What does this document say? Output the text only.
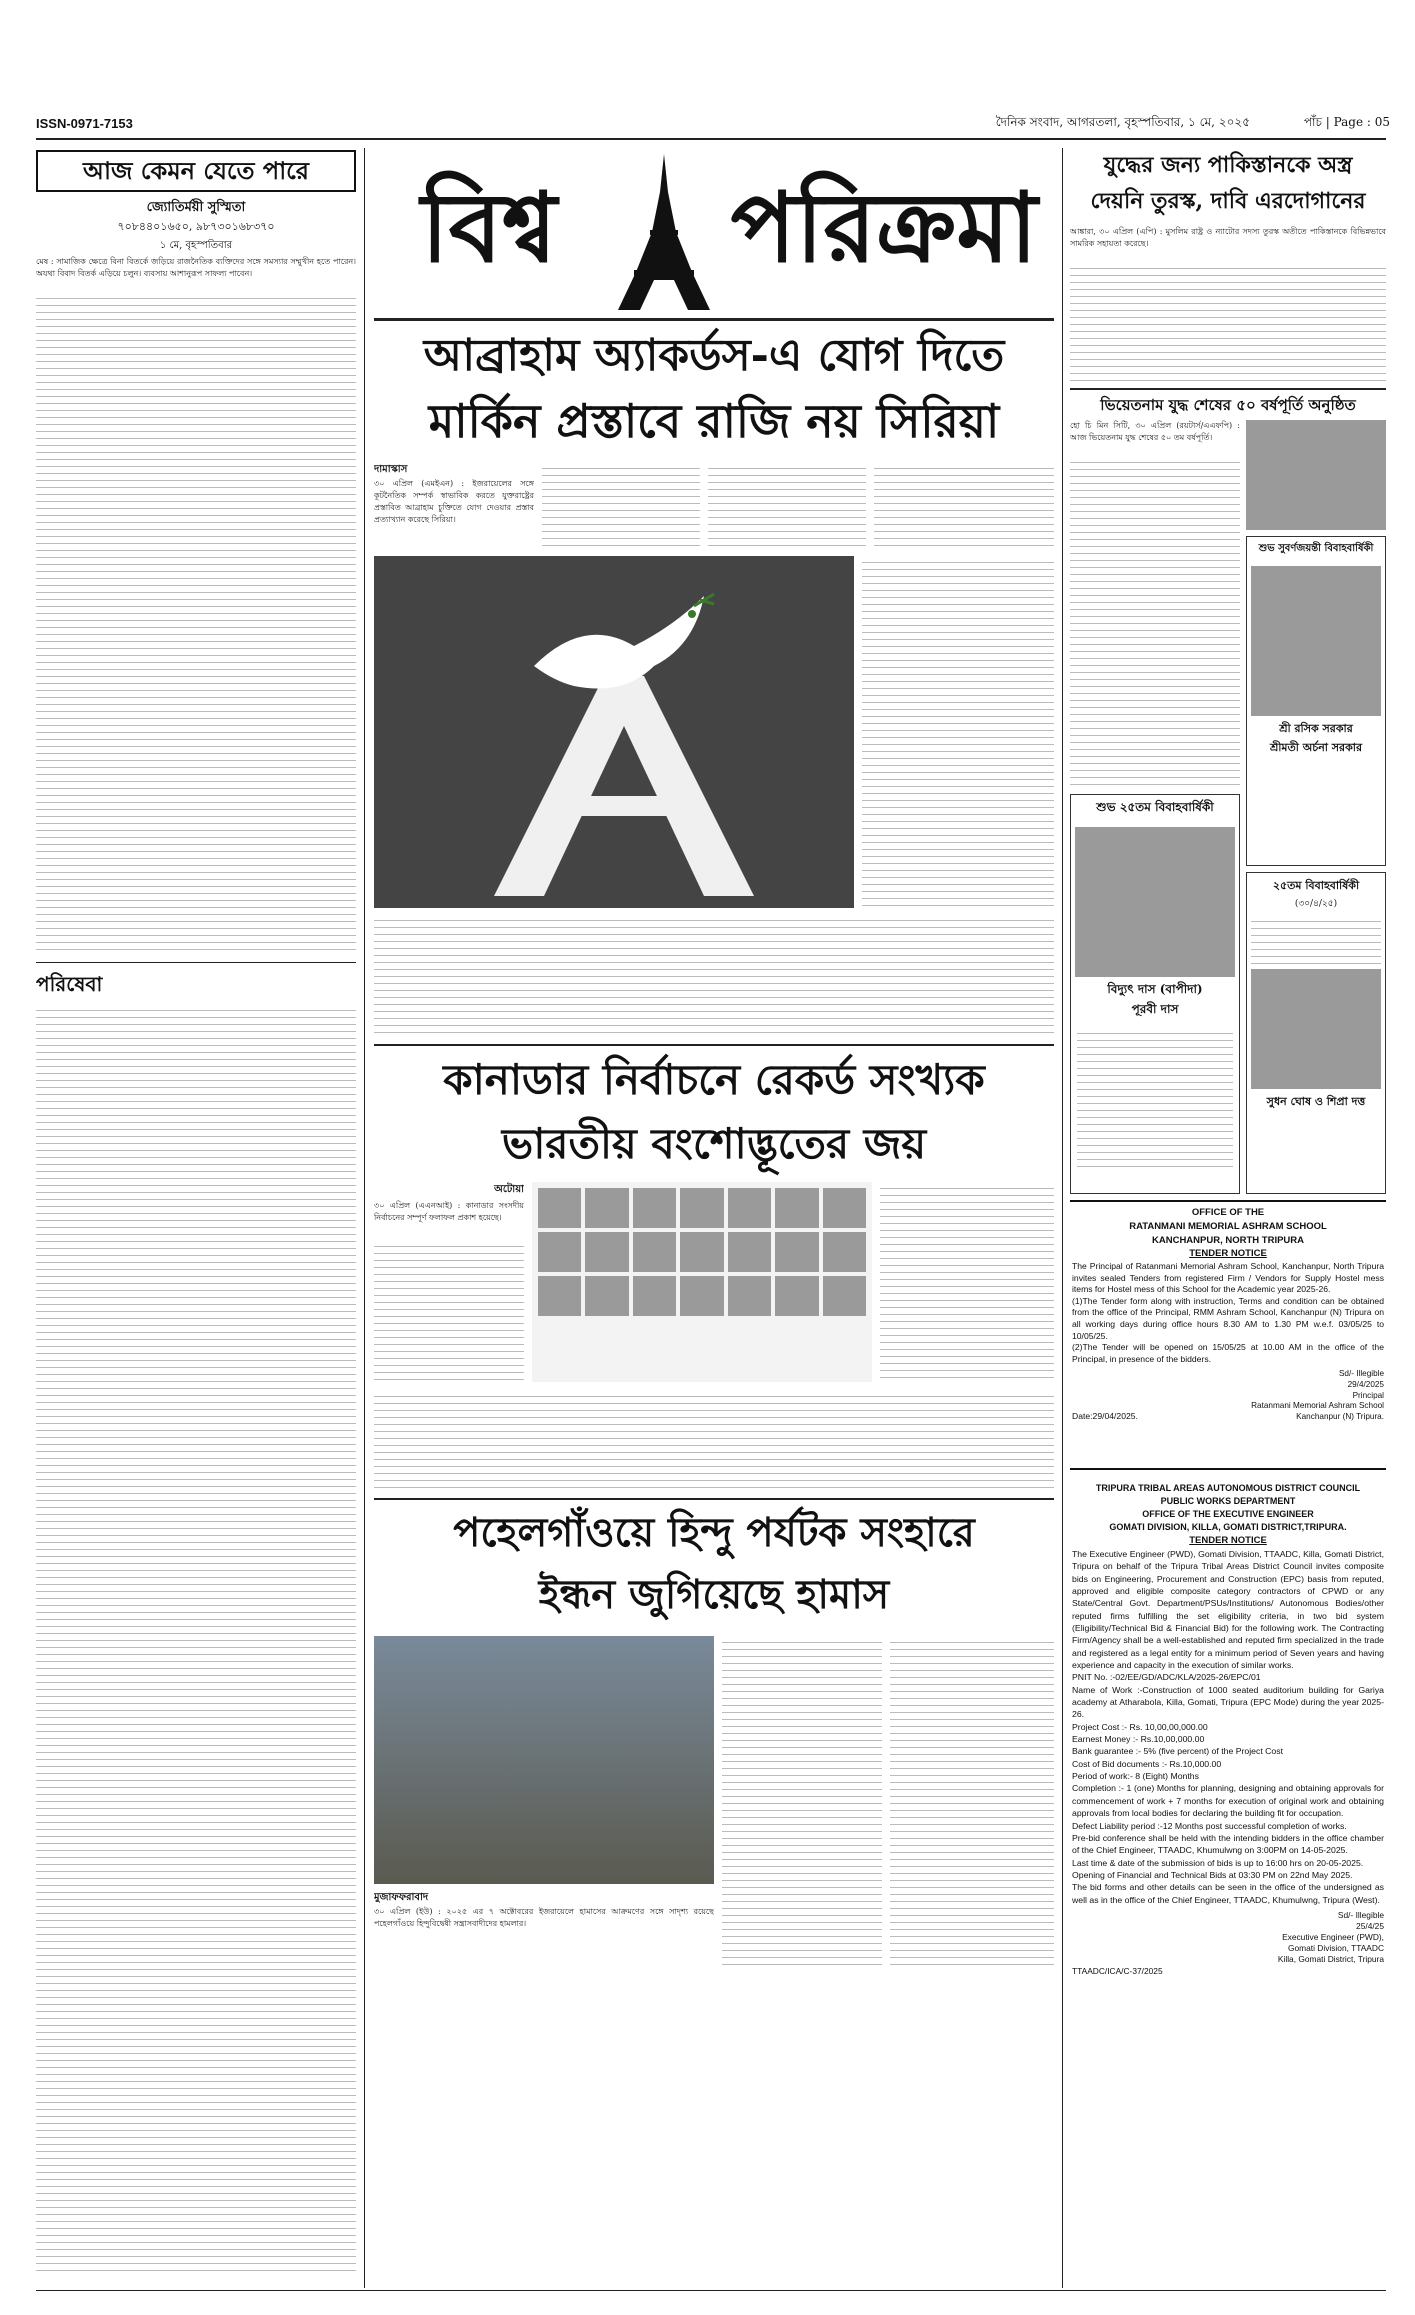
ISSN-0971-7153	দৈনিক সংবাদ, আগরতলা, বৃহস্পতিবার, ১ মে, ২০২৫	পাঁচ | Page : 05
আজ কেমন যেতে পারে
জ্যোতির্ময়ী সুস্মিতা
৭০৮৪৪০১৬৫০, ৯৮৭৩০১৬৮৩৭০
১ মে, বৃহস্পতিবার
মেষ : সামাজিক ক্ষেত্রে বিনা বিতর্কে জড়িয়ে রাজনৈতিক ব্যক্তিদের সঙ্গে সমস্যার সম্মুখীন হতে পারেন। অযথা বিবাদ বিতর্ক এড়িয়ে চলুন। ব্যবসায় আশানুরূপ সাফল্য পাবেন।
পরিষেবা
বিশ্ব	পরিক্রমা
আব্রাহাম অ্যাকর্ডস-এ যোগ দিতে
মার্কিন প্রস্তাবে রাজি নয় সিরিয়া
দামাস্কাস
৩০ এপ্রিল (এমইএন) : ইজরায়েলের সঙ্গে কূটনৈতিক সম্পর্ক স্বাভাবিক করতে যুক্তরাষ্ট্রের প্রস্তাবিত আব্রাহাম চুক্তিতে যোগ দেওয়ার প্রস্তাব প্রত্যাখ্যান করেছে সিরিয়া।
কানাডার নির্বাচনে রেকর্ড সংখ্যক
ভারতীয় বংশোদ্ভূতের জয়
অটোয়া
৩০ এপ্রিল (এএনআই) : কানাডার সংসদীয় নির্বাচনের সম্পূর্ণ ফলাফল প্রকাশ হয়েছে।
পহেলগাঁওয়ে হিন্দু পর্যটক সংহারে
ইন্ধন জুগিয়েছে হামাস
মুজাফফরাবাদ
৩০ এপ্রিল (ইউ) : ২০২৫ এর ৭ অক্টোবরের ইজরায়েলে হামাসের আক্রমণের সঙ্গে সাদৃশ্য রয়েছে পহেলগাঁওয়ে হিন্দুবিদ্বেষী সন্ত্রাসবাদীদের হামলার।
যুদ্ধের জন্য পাকিস্তানকে অস্ত্র
দেয়নি তুরস্ক, দাবি এরদোগানের
আঙ্কারা, ৩০ এপ্রিল (এপি) : মুসলিম রাষ্ট্র ও ন্যাটোর সদস্য তুরস্ক অতীতে পাকিস্তানকে বিভিন্নভাবে সামরিক সহায়তা করেছে।
ভিয়েতনাম যুদ্ধ শেষের ৫০ বর্ষপূর্তি অনুষ্ঠিত
হো চি মিন সিটি, ৩০ এপ্রিল (রয়টার্স/এএফপি) : আজ ভিয়েতনাম যুদ্ধ শেষের ৫০ তম বর্ষপূর্তি।
শুভ সুবর্ণজয়ন্তী বিবাহবার্ষিকী
শ্রী রসিক সরকার
শ্রীমতী অর্চনা সরকার
শুভ ২৫তম বিবাহবার্ষিকী
বিদ্যুৎ দাস (বাপীদা)
পূরবী দাস
২৫তম বিবাহবার্ষিকী
(৩০/৪/২৫)
সুধন ঘোষ ও শিপ্রা দত্ত
OFFICE OF THE
RATANMANI MEMORIAL ASHRAM SCHOOL
KANCHANPUR, NORTH TRIPURA
TENDER NOTICE
The Principal of Ratanmani Memorial Ashram School, Kanchanpur, North Tripura invites sealed Tenders from registered Firm / Vendors for Supply Hostel mess items for Hostel mess of this School for the Academic year 2025-26.
(1)The Tender form along with instruction, Terms and condition can be obtained from the office of the Principal, RMM Ashram School, Kanchanpur (N) Tripura on all working days during office hours 8.30 AM to 1.30 PM w.e.f. 03/05/25 to 10/05/25.
(2)The Tender will be opened on 15/05/25 at 10.00 AM in the office of the Principal, in presence of the bidders.
Date:29/04/2025.
Sd/- Illegible
29/4/2025
Principal
Ratanmani Memorial Ashram School
Kanchanpur (N) Tripura.
TRIPURA TRIBAL AREAS AUTONOMOUS DISTRICT COUNCIL
PUBLIC WORKS DEPARTMENT
OFFICE OF THE EXECUTIVE ENGINEER
GOMATI DIVISION, KILLA, GOMATI DISTRICT,TRIPURA.
TENDER NOTICE
The Executive Engineer (PWD), Gomati Division, TTAADC, Killa, Gomati District, Tripura on behalf of the Tripura Tribal Areas District Council invites composite bids on Engineering, Procurement and Construction (EPC) basis from reputed, approved and eligible composite category contractors of CPWD or any State/Central Govt. Department/PSUs/Institutions/ Autonomous Bodies/other reputed firms fulfilling the set eligibility criteria, in two bid system (Eligibility/Technical Bid & Financial Bid) for the following work. The Contracting Firm/Agency shall be a well-established and reputed firm specialized in the trade and registered as a legal entity for a minimum period of Seven years and having experience and capacity in the execution of similar works.
PNIT No. :-02/EE/GD/ADC/KLA/2025-26/EPC/01
Name of Work :-Construction of 1000 seated auditorium building for Gariya academy at Atharabola, Killa, Gomati, Tripura (EPC Mode) during the year 2025-26.
Project Cost :- Rs. 10,00,00,000.00
Earnest Money :- Rs.10,00,000.00
Bank guarantee :- 5% (five percent) of the Project Cost
Cost of Bid documents :- Rs.10,000.00
Period of work:- 8 (Eight) Months
Completion :- 1 (one) Months for planning, designing and obtaining approvals for commencement of work + 7 months for execution of original work and obtaining approvals from local bodies for declaring the building fit for occupation.
Defect Liability period :-12 Months post successful completion of works.
Pre-bid conference shall be held with the intending bidders in the office chamber of the Chief Engineer, TTAADC, Khumulwng on 3:00PM on 14-05-2025.
Last time & date of the submission of bids is up to 16:00 hrs on 20-05-2025.
Opening of Financial and Technical Bids at 03:30 PM on 22nd May 2025.
The bid forms and other details can be seen in the office of the undersigned as well as in the office of the Chief Engineer, TTAADC, Khumulwng, Tripura (West).
Sd/- Illegible
25/4/25
Executive Engineer (PWD),
Gomati Division, TTAADC
Killa, Gomati District, Tripura
TTAADC/ICA/C-37/2025
